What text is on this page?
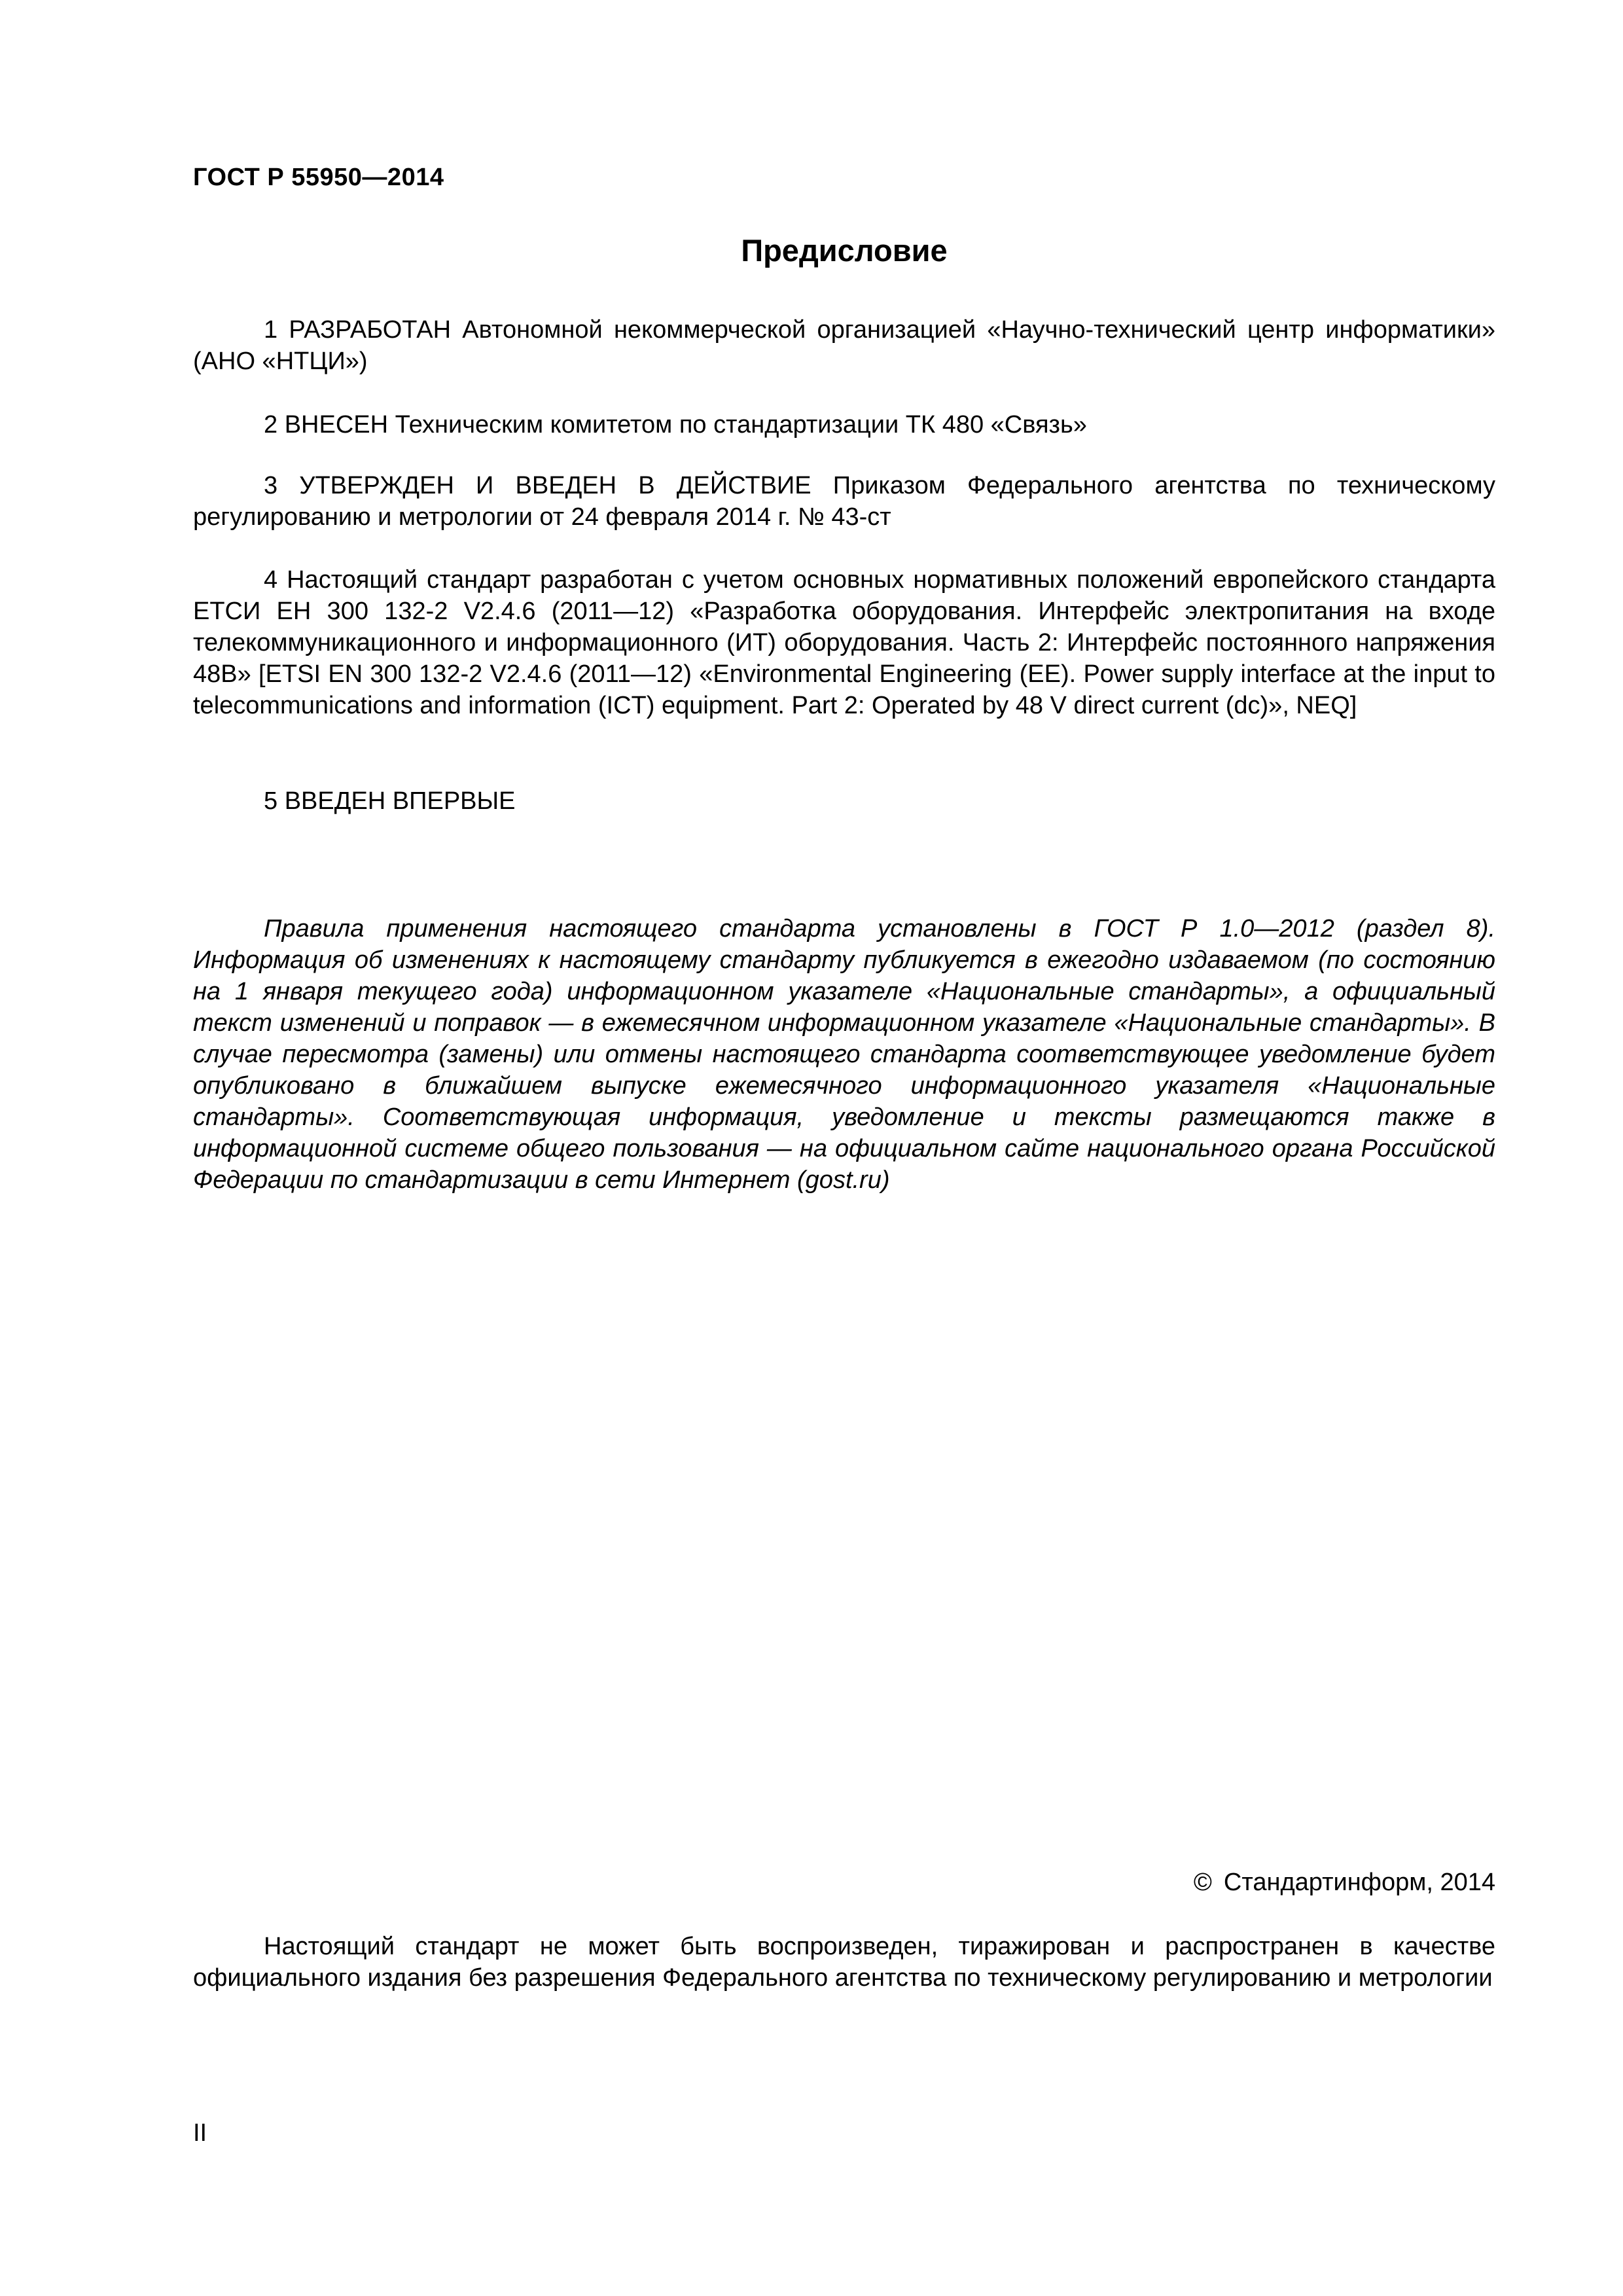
ГОСТ Р 55950—2014
Предисловие

1 РАЗРАБОТАН Автономной некоммерческой организацией «Научно-технический центр информатики» (АНО «НТЦИ»)

2 ВНЕСЕН Техническим комитетом по стандартизации ТК 480 «Связь»

3 УТВЕРЖДЕН И ВВЕДЕН В ДЕЙСТВИЕ Приказом Федерального агентства по техническому регулированию и метрологии от 24 февраля 2014 г. № 43-ст

4 Настоящий стандарт разработан с учетом основных нормативных положений европейского стандарта ЕТСИ ЕН 300 132-2 V2.4.6 (2011—12) «Разработка оборудования. Интерфейс электропитания на входе телекоммуникационного и информационного (ИТ) оборудования. Часть 2: Интерфейс постоянного напряжения 48В» [ETSI EN 300 132-2 V2.4.6 (2011—12) «Environmental Engineering (EE). Power supply interface at the input to telecommunications and information (ICT) equipment. Part 2: Operated by 48 V direct current (dc)», NEQ]

5 ВВЕДЕН ВПЕРВЫЕ

Правила применения настоящего стандарта установлены в ГОСТ Р 1.0—2012 (раздел 8). Информация об изменениях к настоящему стандарту публикуется в ежегодно издаваемом (по состоянию на 1 января текущего года) информационном указателе «Национальные стандарты», а официальный текст изменений и поправок — в ежемесячном информационном указателе «Национальные стандарты». В случае пересмотра (замены) или отмены настоящего стандарта соответствующее уведомление будет опубликовано в ближайшем выпуске ежемесячного информационного указателя «Национальные стандарты». Соответствующая информация, уведомление и тексты размещаются также в информационной системе общего пользования — на официальном сайте национального органа Российской Федерации по стандартизации в сети Интернет (gost.ru)

© Стандартинформ, 2014

Настоящий стандарт не может быть воспроизведен, тиражирован и распространен в качестве официального издания без разрешения Федерального агентства по техническому регулированию и метрологии

II
